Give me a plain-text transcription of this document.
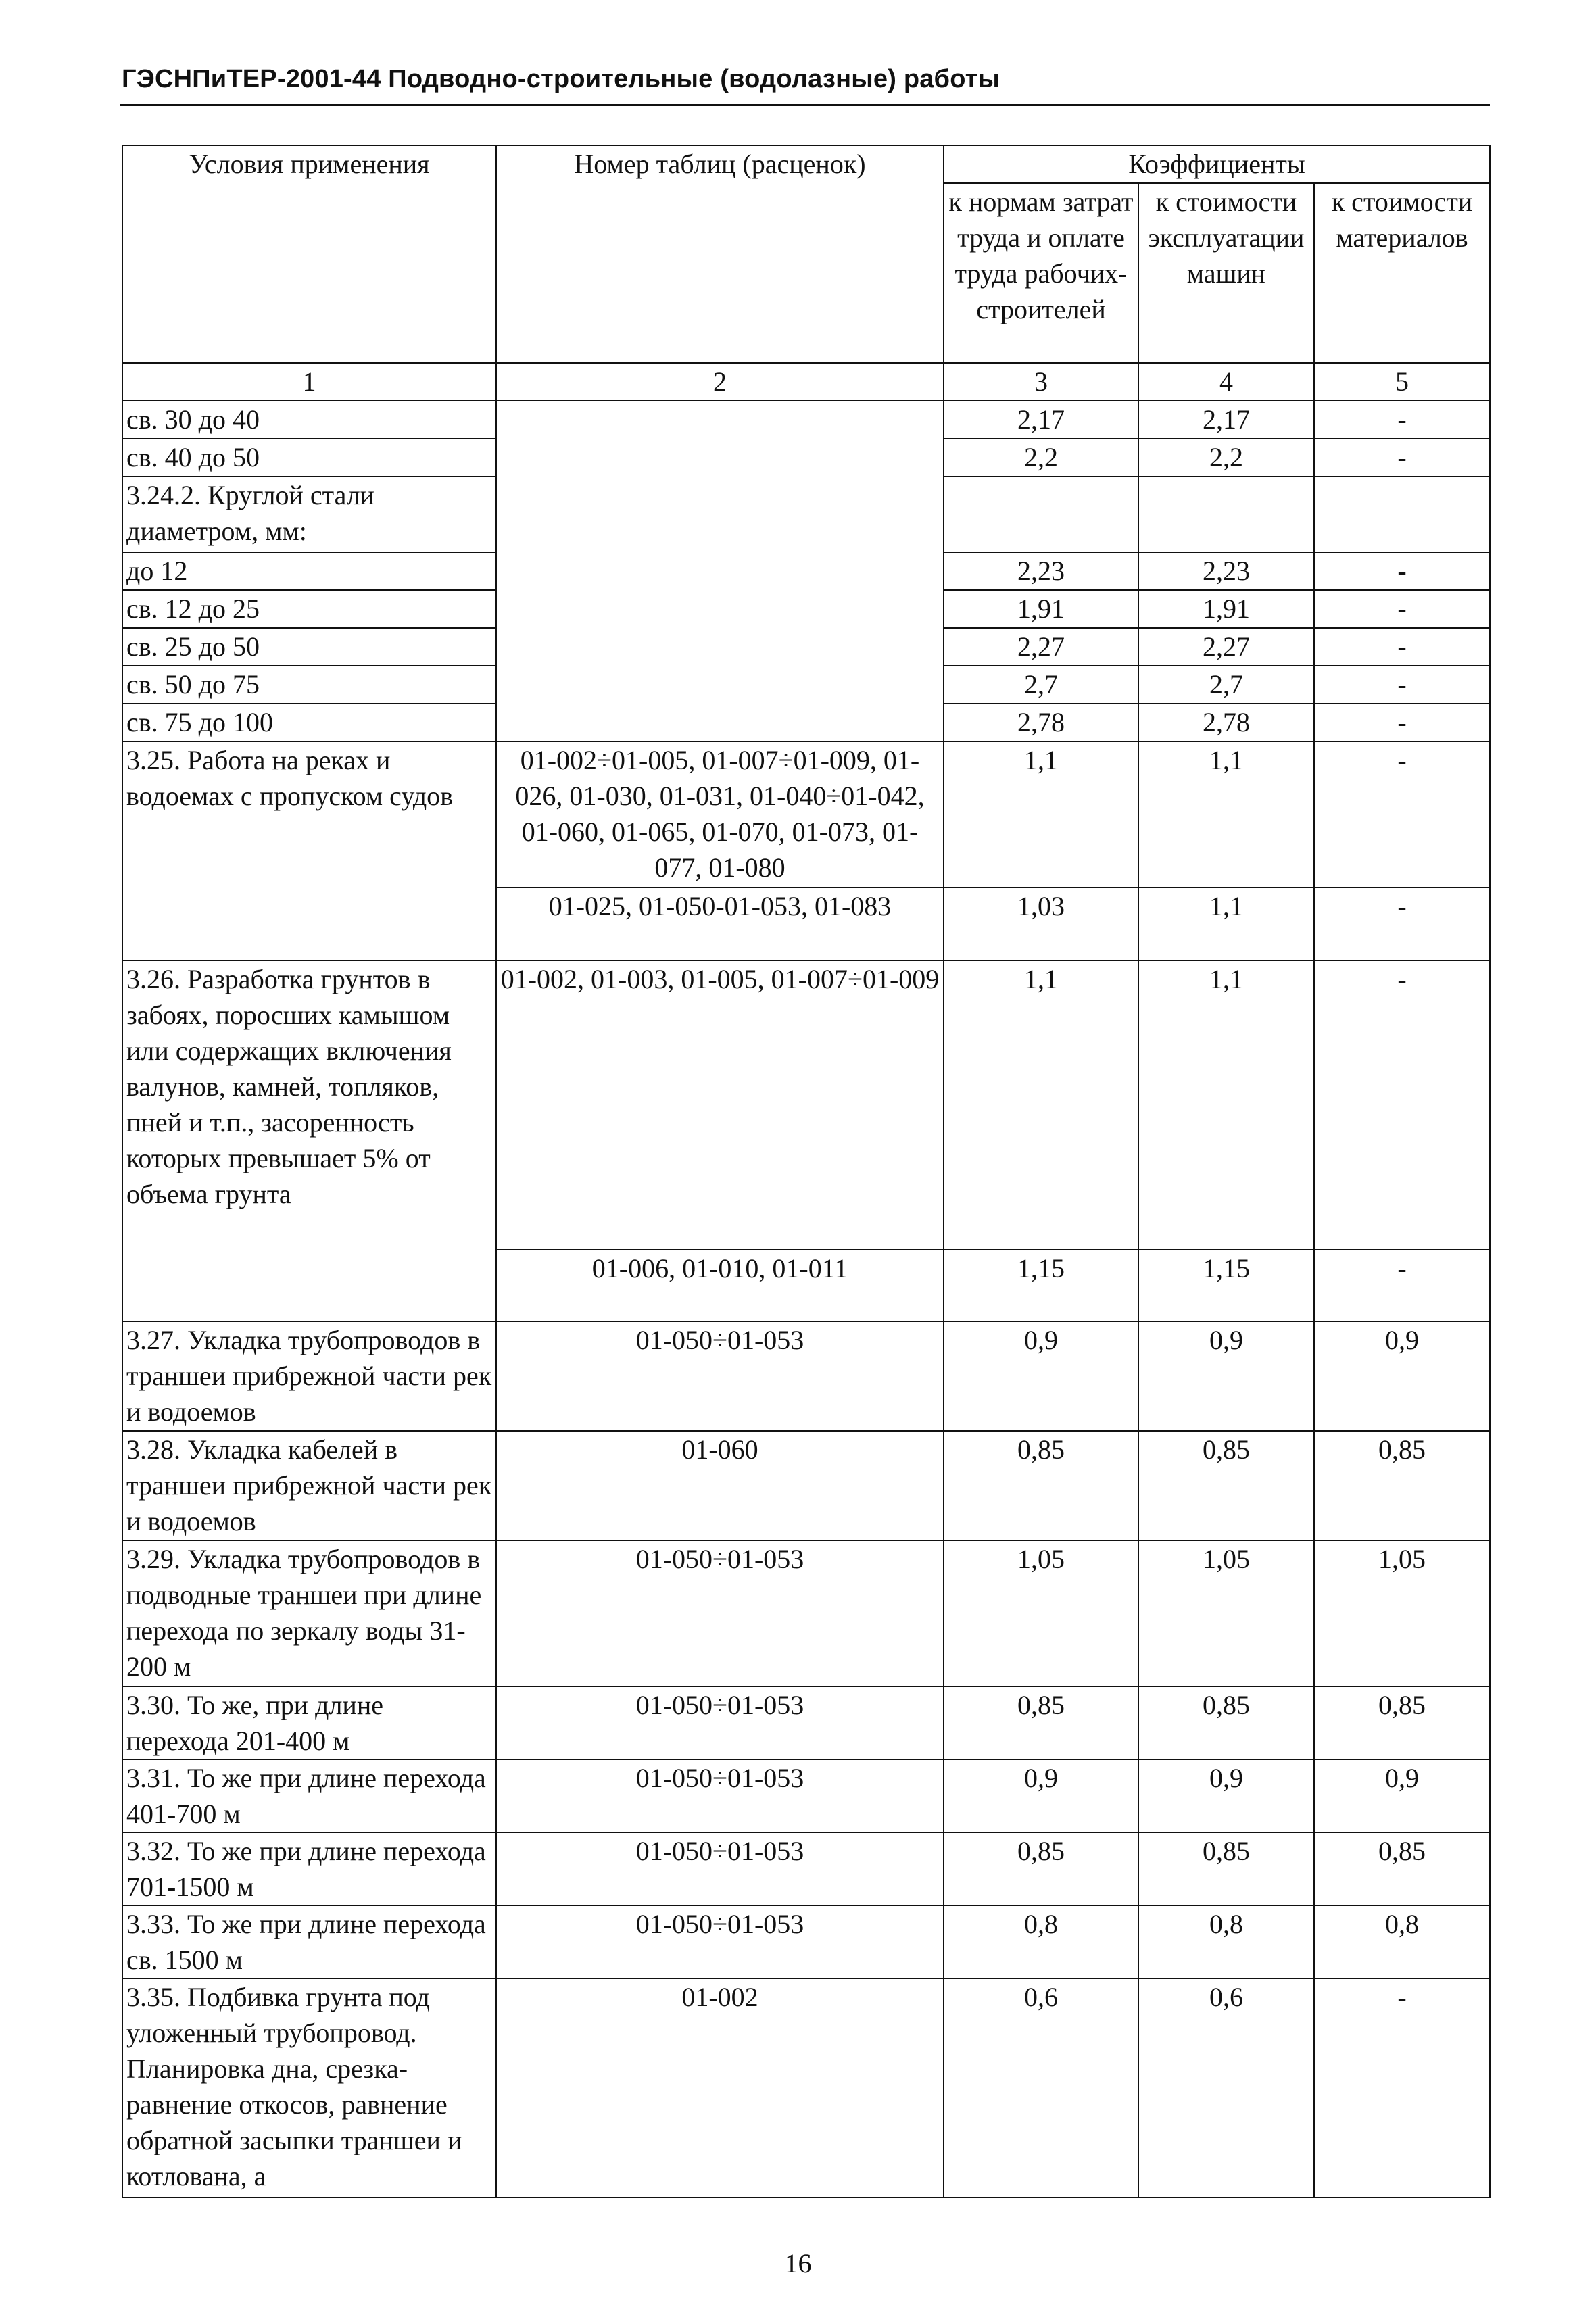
ГЭСНПиТЕР-2001-44 Подводно-строительные (водолазные) работы
Условия применения	Номер таблиц (расценок)	Коэффициенты		
		к нормам затрат труда и оплате труда рабочих-строителей	к стоимости эксплуатации машин	к стоимости материалов
1	2	3	4	5
св. 30 до 40		2,17	2,17	-
св. 40 до 50		2,2	2,2	-
3.24.2. Круглой стали диаметром, мм:				
до 12		2,23	2,23	-
св. 12 до 25		1,91	1,91	-
св. 25 до 50		2,27	2,27	-
св. 50 до 75		2,7	2,7	-
св. 75 до 100		2,78	2,78	-
3.25. Работа на реках и водоемах с пропуском судов	01-002÷01-005, 01-007÷01-009, 01-026, 01-030, 01-031, 01-040÷01-042, 01-060, 01-065, 01-070, 01-073, 01-077, 01-080	1,1	1,1	-
	01-025, 01-050-01-053, 01-083	1,03	1,1	-
3.26. Разработка грунтов в забоях, поросших камышом или содержащих включения валунов, камней, топляков, пней и т.п., засоренность которых превышает 5% от объема грунта	01-002, 01-003, 01-005, 01-007÷01-009	1,1	1,1	-
	01-006, 01-010, 01-011	1,15	1,15	-
3.27. Укладка трубопроводов в траншеи прибрежной части рек и водоемов	01-050÷01-053	0,9	0,9	0,9
3.28. Укладка кабелей в траншеи прибрежной части рек и водоемов	01-060	0,85	0,85	0,85
3.29. Укладка трубопроводов в подводные траншеи при длине перехода по зеркалу воды 31-200 м	01-050÷01-053	1,05	1,05	1,05
3.30. То же, при длине перехода 201-400 м	01-050÷01-053	0,85	0,85	0,85
3.31. То же при длине перехода 401-700 м	01-050÷01-053	0,9	0,9	0,9
3.32. То же при длине перехода 701-1500 м	01-050÷01-053	0,85	0,85	0,85
3.33. То же при длине перехода св. 1500 м	01-050÷01-053	0,8	0,8	0,8
3.35. Подбивка грунта под уложенный трубопровод. Планировка дна, срезка-равнение откосов, равнение обратной засыпки траншеи и котлована, а	01-002	0,6	0,6	-
16
